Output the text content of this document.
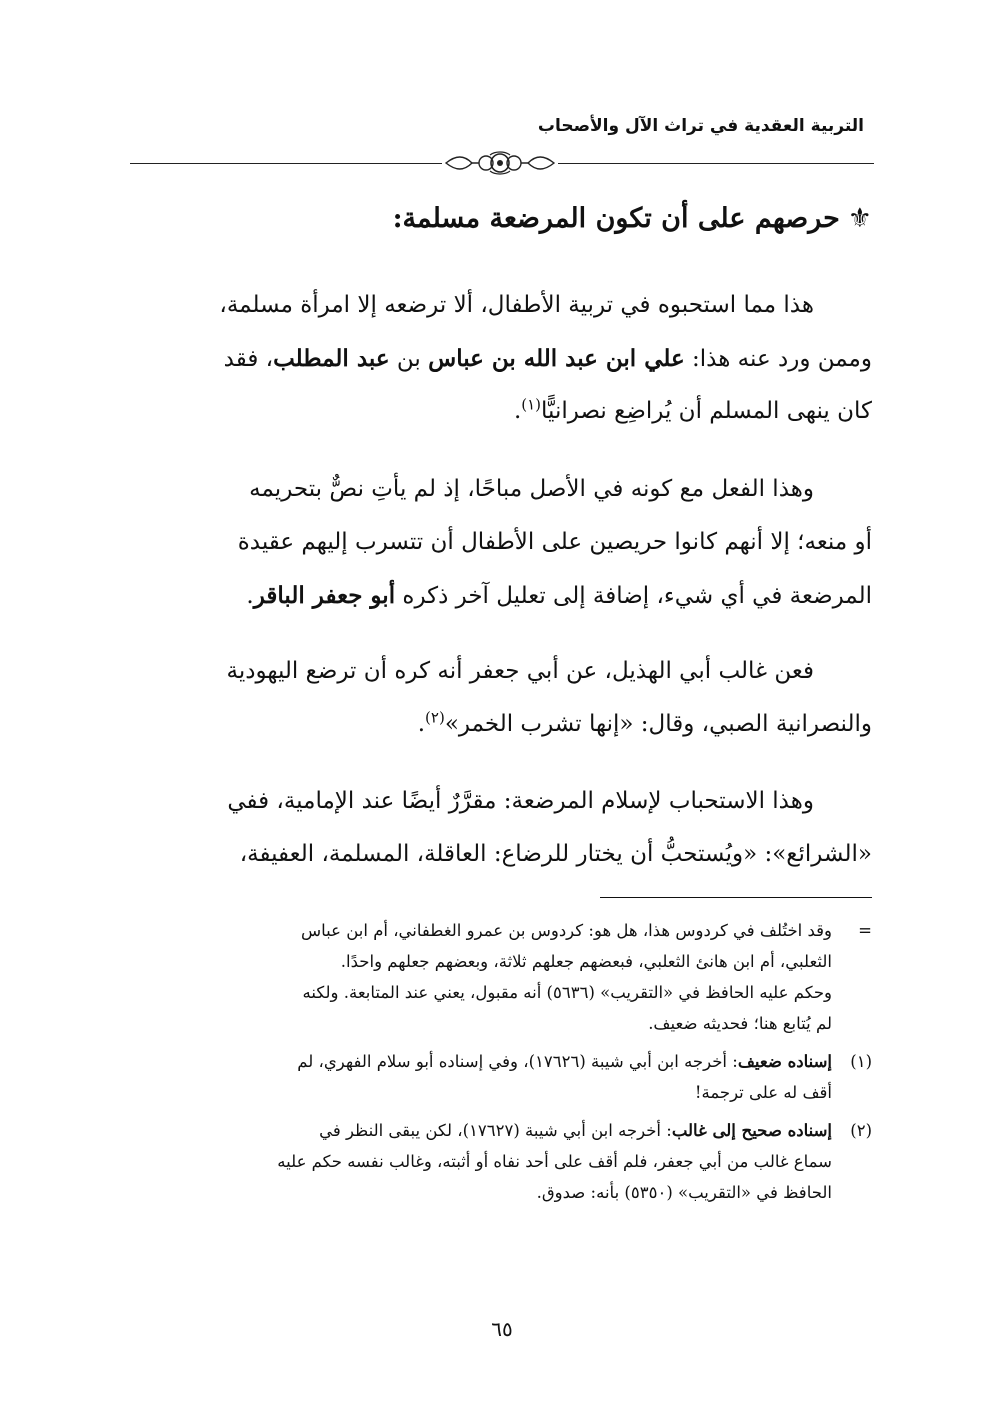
التربية العقدية في تراث الآل والأصحاب
⚜حرصهم على أن تكون المرضعة مسلمة:
هذا مما استحبوه في تربية الأطفال، ألا ترضعه إلا امرأة مسلمة،
وممن ورد عنه هذا: علي ابن عبد الله بن عباس بن عبد المطلب، فقد
كان ينهى المسلم أن يُراضِع نصرانيًّا$^{(١)}$.
وهذا الفعل مع كونه في الأصل مباحًا، إذ لم يأتِ نصٌّ بتحريمه
أو منعه؛ إلا أنهم كانوا حريصين على الأطفال أن تتسرب إليهم عقيدة
المرضعة في أي شيء، إضافة إلى تعليل آخر ذكره أبو جعفر الباقر.
فعن غالب أبي الهذيل، عن أبي جعفر أنه كره أن ترضع اليهودية
والنصرانية الصبي، وقال: «إنها تشرب الخمر»$^{(٢)}$.
وهذا الاستحباب لإسلام المرضعة: مقرَّرٌ أيضًا عند الإمامية، ففي
«الشرائع»: «ويُستحبُّ أن يختار للرضاع: العاقلة، المسلمة، العفيفة،
=وقد اختُلف في كردوس هذا، هل هو: كردوس بن عمرو الغطفاني، أم ابن عباس
الثعلبي، أم ابن هانئ الثعلبي، فبعضهم جعلهم ثلاثة، وبعضهم جعلهم واحدًا.
وحكم عليه الحافظ في «التقريب» (٥٦٣٦) أنه مقبول، يعني عند المتابعة. ولكنه
لم يُتابع هنا؛ فحديثه ضعيف.
(١)إسناده ضعيف: أخرجه ابن أبي شيبة (١٧٦٢٦)، وفي إسناده أبو سلام الفهري، لم
أقف له على ترجمة!
(٢)إسناده صحيح إلى غالب: أخرجه ابن أبي شيبة (١٧٦٢٧)، لكن يبقى النظر في
سماع غالب من أبي جعفر، فلم أقف على أحد نفاه أو أثبته، وغالب نفسه حكم عليه
الحافظ في «التقريب» (٥٣٥٠) بأنه: صدوق.
٦٥
